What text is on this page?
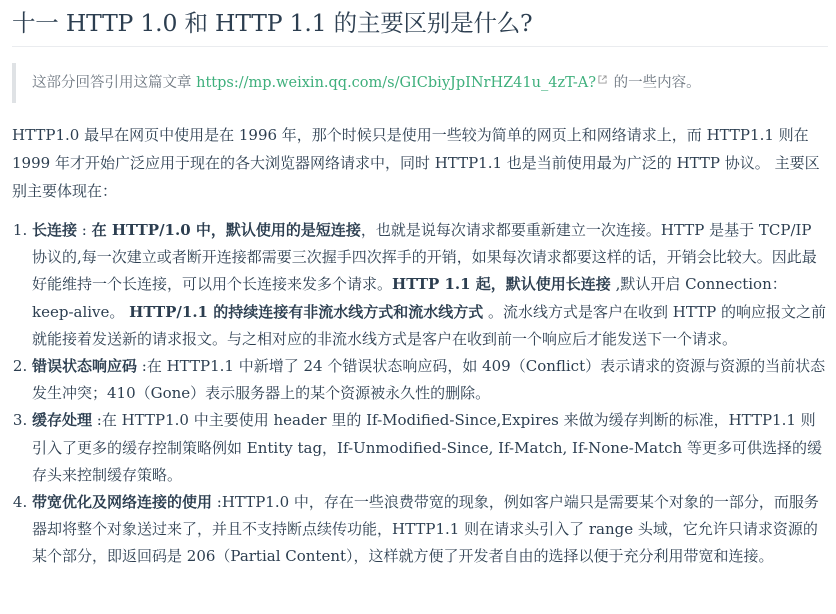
十一 HTTP 1.0 和 HTTP 1.1 的主要区别是什么?
这部分回答引用这篇文章 https://mp.weixin.qq.com/s/GICbiyJpINrHZ41u_4zT-A? 的一些内容。

HTTP1.0 最早在网页中使用是在 1996 年，那个时候只是使用一些较为简单的网页上和网络请求上，而 HTTP1.1 则在 1999 年才开始广泛应用于现在的各大浏览器网络请求中，同时 HTTP1.1 也是当前使用最为广泛的 HTTP 协议。 主要区别主要体现在：

1. 长连接 : 在 HTTP/1.0 中，默认使用的是短连接，也就是说每次请求都要重新建立一次连接。HTTP 是基于 TCP/IP 协议的,每一次建立或者断开连接都需要三次握手四次挥手的开销，如果每次请求都要这样的话，开销会比较大。因此最好能维持一个长连接，可以用个长连接来发多个请求。HTTP 1.1 起，默认使用长连接 ,默认开启 Connection： keep-alive。 HTTP/1.1 的持续连接有非流水线方式和流水线方式 。流水线方式是客户在收到 HTTP 的响应报文之前就能接着发送新的请求报文。与之相对应的非流水线方式是客户在收到前一个响应后才能发送下一个请求。
2. 错误状态响应码 :在 HTTP1.1 中新增了 24 个错误状态响应码，如 409（Conflict）表示请求的资源与资源的当前状态发生冲突；410（Gone）表示服务器上的某个资源被永久性的删除。
3. 缓存处理 :在 HTTP1.0 中主要使用 header 里的 If-Modified-Since,Expires 来做为缓存判断的标准，HTTP1.1 则引入了更多的缓存控制策略例如 Entity tag，If-Unmodified-Since, If-Match, If-None-Match 等更多可供选择的缓存头来控制缓存策略。
4. 带宽优化及网络连接的使用 :HTTP1.0 中，存在一些浪费带宽的现象，例如客户端只是需要某个对象的一部分，而服务器却将整个对象送过来了，并且不支持断点续传功能，HTTP1.1 则在请求头引入了 range 头域，它允许只请求资源的某个部分，即返回码是 206（Partial Content），这样就方便了开发者自由的选择以便于充分利用带宽和连接。
